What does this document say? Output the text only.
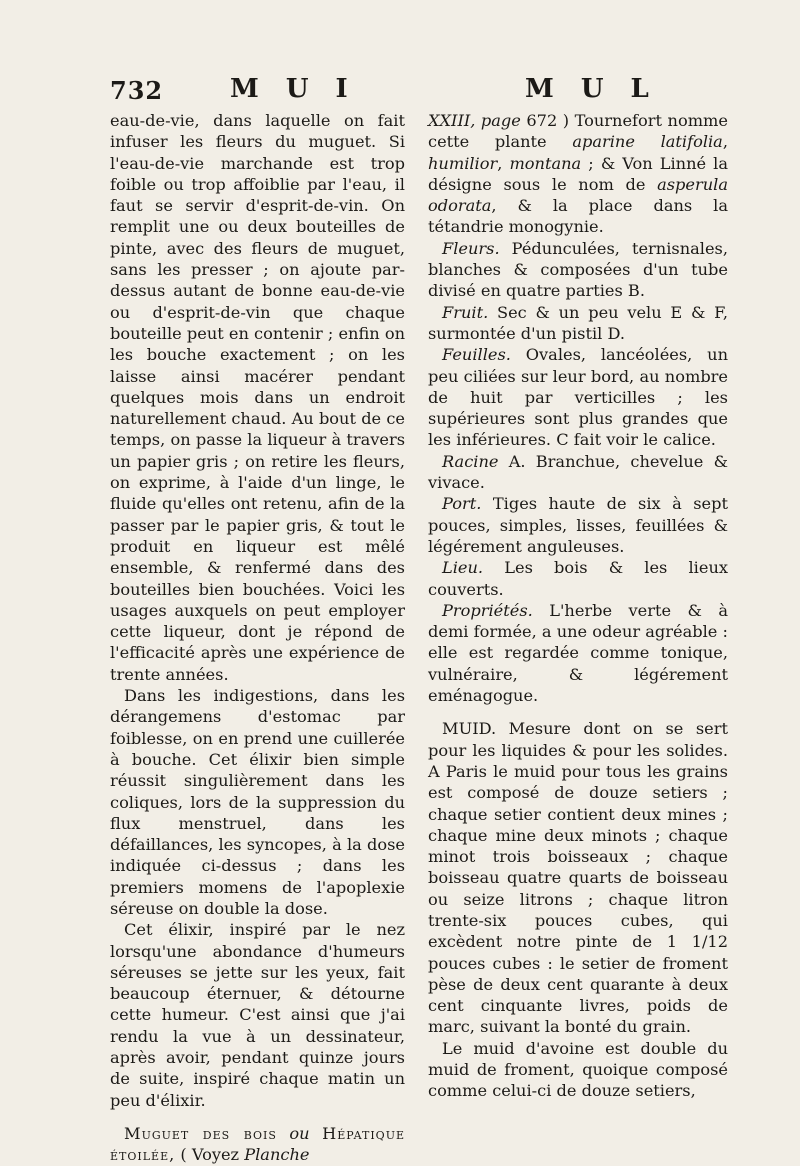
732	M U I	M U L

eau-de-vie, dans laquelle on fait infuser les fleurs du muguet. Si l'eau-de-vie marchande est trop foible ou trop affoiblie par l'eau, il faut se servir d'esprit-de-vin. On remplit une ou deux bouteilles de pinte, avec des fleurs de muguet, sans les presser ; on ajoute par-dessus autant de bonne eau-de-vie ou d'esprit-de-vin que chaque bouteille peut en contenir ; enfin on les bouche exactement ; on les laisse ainsi macérer pendant quelques mois dans un endroit naturellement chaud. Au bout de ce temps, on passe la liqueur à travers un papier gris ; on retire les fleurs, on exprime, à l'aide d'un linge, le fluide qu'elles ont retenu, afin de la passer par le papier gris, & tout le produit en liqueur est mêlé ensemble, & renfermé dans des bouteilles bien bouchées. Voici les usages auxquels on peut employer cette liqueur, dont je répond de l'efficacité après une expérience de trente années.

Dans les indigestions, dans les dérangemens d'estomac par foiblesse, on en prend une cuillerée à bouche. Cet élixir bien simple réussit singulièrement dans les coliques, lors de la suppression du flux menstruel, dans les défaillances, les syncopes, à la dose indiquée ci-dessus ; dans les premiers momens de l'apoplexie séreuse on double la dose.

Cet élixir, inspiré par le nez lorsqu'une abondance d'humeurs séreuses se jette sur les yeux, fait beaucoup éternuer, & détourne cette humeur. C'est ainsi que j'ai rendu la vue à un dessinateur, après avoir, pendant quinze jours de suite, inspiré chaque matin un peu d'élixir.

Muguet des bois ou Hépatique étoilée, ( Voyez Planche

XXIII, page 672 ) Tournefort nomme cette plante aparine latifolia, humilior, montana ; & Von Linné la désigne sous le nom de asperula odorata, & la place dans la tétandrie monogynie.

Fleurs. Pédunculées, ternisnales, blanches & composées d'un tube divisé en quatre parties B.

Fruit. Sec & un peu velu E & F, surmontée d'un pistil D.

Feuilles. Ovales, lancéolées, un peu ciliées sur leur bord, au nombre de huit par verticilles ; les supérieures sont plus grandes que les inférieures. C fait voir le calice.

Racine A. Branchue, chevelue & vivace.

Port. Tiges haute de six à sept pouces, simples, lisses, feuillées & légérement anguleuses.

Lieu. Les bois & les lieux couverts.

Propriétés. L'herbe verte & à demi formée, a une odeur agréable : elle est regardée comme tonique, vulnéraire, & légérement eménagogue.

MUID. Mesure dont on se sert pour les liquides & pour les solides. A Paris le muid pour tous les grains est composé de douze setiers ; chaque setier contient deux mines ; chaque mine deux minots ; chaque minot trois boisseaux ; chaque boisseau quatre quarts de boisseau ou seize litrons ; chaque litron trente-six pouces cubes, qui excèdent notre pinte de 1 1/12 pouces cubes : le setier de froment pèse de deux cent quarante à deux cent cinquante livres, poids de marc, suivant la bonté du grain.

Le muid d'avoine est double du muid de froment, quoique composé comme celui-ci de douze setiers,
